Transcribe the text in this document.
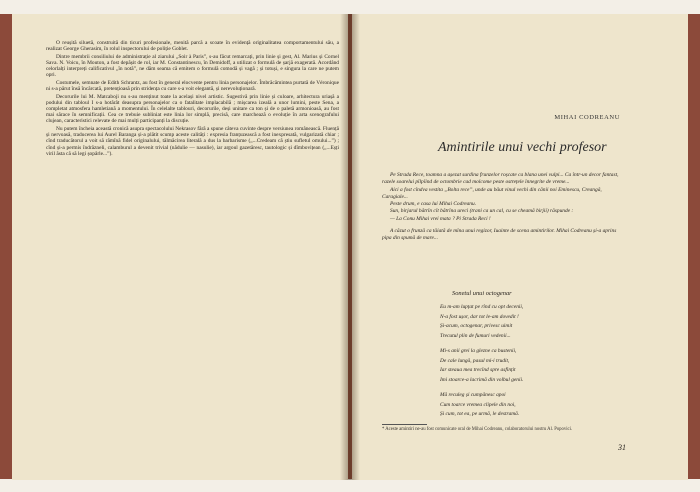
O reușită siluetă, construită din ticuri profesionale, menită parcă a scoate în evidență originalitatea comportamentului său, a realizat George Gherasim, în rolul inspectorului de poliție Goblet.

Dintre membrii consiliului de administrație al ziarului „Soir à Paris”, s-au făcut remarcați, prin linie și gest, Al. Marius și Cornel Sava. N. Voicu, în Mouton, a fost depășit de rol, iar M. Constantinescu, în Demidoff, a utilizat o formulă de șarjă exagerată. Acordând celorlalți interpreți calificativul „în notă”, ne dăm seama că emitem o formulă comodă și vagă ; și totuși, e singura la care ne putem opri.

Costumele, semnate de Edith Schrantz, au fost în general elocvente pentru linia personajelor. Îmbrăcămintea purtată de Véronique ni s-a părut însă încărcată, pretențioasă prin stridența cu care s-a voit elegantă, și nerevoluționară.

Decorurile lui M. Matcaboji nu s-au menținut toate la același nivel artistic. Sugestivă prin linie și culoare, arhitectura uriașă a podului din tabloul I s-a hotărât deasupra personajelor ca o fatalitate implacabilă ; mișcarea izeală a unor lumini, peste Sena, a completat atmosfera hamletiană a momentului. În celelalte tablouri, decorurile, deși unitare ca ton și de o paletă armonioasă, au fost mai sărace în semnificații. Cea ce trebuie subliniat este linia lor simplă, precisă, care marchează o evoluție în arta scenografului clujean, caracteristici relevate de mai mulți participanți la discuție.

Nu putem încheia această cronică asupra spectacolului Nekrasov fără a spune câteva cuvinte despre versiunea românească. Fluență și nervoasă, traducerea lui Aurel Baranga și-a plătit scump aceste calități : expresia franțuzească a fost inexpresată, vulgarizată chiar ; cînd traducătorul a voit să rămînă fidel originalului, tălmăcirea literală a dus la barbarisme („...Credeam că știu sufletul omului...”) ; cînd și-a permis îndrăzneli, calamburul a devenit trivial (nădulie — nasulie), iar argoul gazetăresc, tautologic și dîmbovițean („...Eșți viril ăsta că să legi șopârle...”).

MIHAI CODREANU
Amintirile unui vechi profesor

Pe Strada Rece, toamna a așezat surdina frunzelor roșcate ca blana unei vulpi... Ca într-un decor fantast, razele soarelui pîlpîind de octombrie cad molcome peste ostrețele înnegrite de vreme...

Aici a fost cîndva vestita „Bolta rece”, unde au băut vinul vechi din cănii noi Eminescu, Creangă, Caragiale...

Peste drum, e casa lui Mihai Codreanu.

Sun, birjarul bătrîn cît bătrîna ureci (trani ca un cal, cu se cheamă birjii) răspunde :

— La Conu Mihai vrei mata ? Pi Strada Reci !

A căzut o frunză ca tăiată de mîna unui regizor, Iuainte de scena amintirilor. Mihai Codreanu și-a aprins pipa din spumă de mare...

Sonetul unui octogenar
Eu m-am lupțat pe rînd cu opt decenii,
N-a fost ușor, dar tot le-am dovedit !
Și-acum, octogenar, privesc uimit
Trecutul plin de fumuri vedenii...
Mi-s anii grei la glezne ca bustenii,
De cale lungă, pasul mi-i trudit,
Iar steaua mea trecînd spre asfințit
Imi stoarce-a lacrimă din volbul genii.
Mă reculeg și cumpănesc apoi
Cum toarce vremea clipele din noi,
Și cum, tot ea, pe urmă, le destramă.
* Aceste amintiri ne-au fost comunicate oral de Mihai Codreanu, colaboratorului nostru Al. Popovici.
31
